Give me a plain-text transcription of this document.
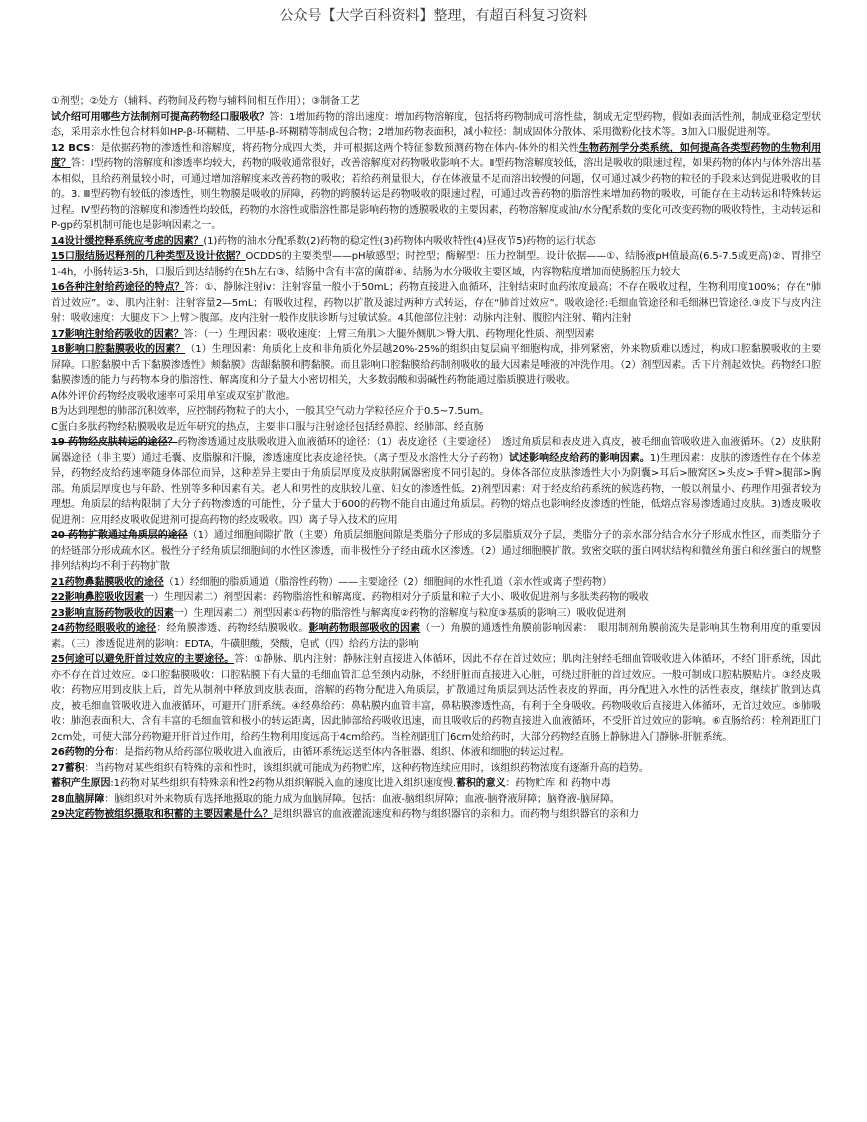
公众号【大学百科资料】整理，有超百科复习资料

①剂型；②处方（辅料、药物间及药物与辅料间相互作用）；③制备工艺

试介绍可用哪些方法制剂可提高药物经口服吸收？答：1增加药物的溶出速度：增加药物溶解度，包括将药物制成可溶性盐，制成无定型药物，假如表面活性剂，制成亚稳定型状态，采用亲水性包合材料如HP-β-环糊精、二甲基-β-环糊精等制成包合物；2增加药物表面积，减小粒径：制成固体分散体、采用微粉化技术等。3加入口服促进剂等。

12 BCS：是依据药物的渗透性和溶解度，将药物分成四大类，并可根据这两个特征参数预测药物在体内-体外的相关性生物药剂学分类系统，如何提高各类型药物的生物利用度？答：Ⅰ型药物的溶解度和渗透率均较大，药物的吸收通常很好，改善溶解度对药物吸收影响不大。Ⅱ型药物溶解度较低，溶出是吸收的限速过程，如果药物的体内与体外溶出基本相似，且给药剂量较小时，可通过增加溶解度来改善药物的吸收；若给药剂量很大，存在体液量不足而溶出较慢的问题，仅可通过减少药物的粒径的手段来达到促进吸收的目的。3. Ⅲ型药物有较低的渗透性，则生物膜是吸收的屏障，药物的跨膜转运是药物吸收的限速过程，可通过改善药物的脂溶性来增加药物的吸收，可能存在主动转运和特殊转运过程。Ⅳ型药物的溶解度和渗透性均较低，药物的水溶性或脂溶性都是影响药物的透膜吸收的主要因素，药物溶解度或油/水分配系数的变化可改变药物的吸收特性，主动转运和P-gp药泵机制可能也是影响因素之一。

14设计缓控释系统应考虑的因素？(1)药物的油水分配系数(2)药物的稳定性(3)药物体内吸收特性(4)昼夜节5)药物的运行状态

15口服结肠迟释剂的几种类型及设计依据？OCDDS的主要类型——pH敏感型；时控型；酶解型：压力控制型。设计依据——①、结肠液pH值最高(6.5-7.5或更高)②、胃排空1-4h，小肠转运3-5h，口服后到达结肠约在5h左右③、结肠中含有丰富的菌群④、结肠为水分吸收主要区域，内容物粘度增加而使肠腔压力较大

16各种注射给药途径的特点？答：①、静脉注射iv：注射容量一般小于50mL；药物直接进入血循环，注射结束时血药浓度最高；不存在吸收过程，生物利用度100%；存在“肺首过效应”。②、肌内注射：注射容量2—5mL；有吸收过程，药物以扩散及滤过两种方式转运，存在“肺首过效应”。吸收途径:毛细血管途径和毛细淋巴管途径.③皮下与皮内注射：吸收速度：大腿皮下＞上臂＞腹部。皮内注射一般作皮肤诊断与过敏试验。4其他部位注射：动脉内注射、腹腔内注射、鞘内注射

17影响注射给药吸收的因素？答：（一）生理因素：吸收速度：上臂三角肌＞大腿外侧肌＞臀大肌、药物理化性质、剂型因素

18影响口腔黏膜吸收的因素？（1）生理因素：角质化上皮和非角质化外层越20%-25%的组织由复层扁平细胞构成，排列紧密，外来物质难以透过，构成口腔黏膜吸收的主要屏障。口腔黏膜中舌下黏膜渗透性》颊黏膜》齿龈黏膜和腭黏膜。而且影响口腔黏膜给药制剂吸收的最大因素是唾液的冲洗作用。（2）剂型因素。舌下片剂起效快。药物经口腔黏膜渗透的能力与药物本身的脂溶性、解离度和分子量大小密切相关，大多数弱酸和弱碱性药物能通过脂质膜进行吸收。

A体外评价药物经皮吸收速率可采用单室或双室扩散池。

B为达到理想的肺部沉积效率，应控制药物粒子的大小，一般其空气动力学粒径应介于0.5~7.5um。

C蛋白多肽药物经粘膜吸收是近年研究的热点，主要非口服与注射途径包括经鼻腔、经肺部、经直肠

19 药物经皮肤转运的途径？药物渗透通过皮肤吸收进入血液循环的途径：（1）表皮途径（主要途径）　透过角质层和表皮进入真皮，被毛细血管吸收进入血液循环。（2）皮肤附属器途径（非主要）通过毛囊、皮脂腺和汗腺，渗透速度比表皮途径快。（离子型及水溶性大分子药物）试述影响经皮给药的影响因素。1)生理因素：皮肤的渗透性存在个体差异，药物经皮给药速率随身体部位而异，这种差异主要由于角质层厚度及皮肤附属器密度不同引起的。身体各部位皮肤渗透性大小为阴囊>耳后>腋窝区>头皮>手臂>腿部>胸部。角质层厚度也与年龄、性别等多种因素有关。老人和男性的皮肤较儿童、妇女的渗透性低。2)剂型因素：对于经皮给药系统的候选药物，一般以剂量小、药理作用强者较为理想。角质层的结构限制了大分子药物渗透的可能性，分子量大于600的药物不能自由通过角质层。药物的熔点也影响经皮渗透的性能，低熔点容易渗透通过皮肤。3)透皮吸收促进剂：应用经皮吸收促进剂可提高药物的经皮吸收。四）离子导入技术的应用

20 药物扩散通过角质层的途径（1）通过细胞间隙扩散（主要）角质层细胞间隙是类脂分子形成的多层脂质双分子层，类脂分子的亲水部分结合水分子形成水性区，而类脂分子的烃链部分形成疏水区。极性分子经角质层细胞间的水性区渗透，而非极性分子经由疏水区渗透。（2）通过细胞膜扩散。致密交联的蛋白网状结构和微丝角蛋白和丝蛋白的规整排列结构均不利于药物扩散

21药物鼻黏膜吸收的途径（1）经细胞的脂质通道（脂溶性药物）——主要途径（2）细胞间的水性孔道（亲水性或离子型药物）

22影响鼻腔吸收因素一）生理因素二）剂型因素：药物脂溶性和解离度、药物相对分子质量和粒子大小、吸收促进剂与多肽类药物的吸收

23影响直肠药物吸收的因素一）生理因素二）剂型因素①药物的脂溶性与解离度②药物的溶解度与粒度③基质的影响三）吸收促进剂

24药物经眼吸收的途径：经角膜渗透、药物经结膜吸收。影响药物眼部吸收的因素（一）角膜的通透性角膜前影响因素：　眼用制剂角膜前流失是影响其生物利用度的重要因素。（三）渗透促进剂的影响：EDTA，牛磺胆酸，癸酸，皂甙（四）给药方法的影响

25何途可以避免肝首过效应的主要途径。答：①静脉、肌内注射：静脉注射直接进入体循环，因此不存在首过效应；肌肉注射经毛细血管吸收进入体循环，不经门肝系统，因此亦不存在首过效应。②口腔黏膜吸收：口腔粘膜下有大量的毛细血管汇总至颈内动脉，不经肝脏而直接进入心脏，可绕过肝脏的首过效应。一般可制成口腔粘膜贴片。③经皮吸收：药物应用到皮肤上后，首先从制剂中释放到皮肤表面，溶解的药物分配进入角质层，扩散通过角质层到达活性表皮的界面，再分配进入水性的活性表皮，继续扩散到达真皮，被毛细血管吸收进入血液循环，可避开门肝系统。④经鼻给药：鼻粘膜内血管丰富，鼻粘膜渗透性高，有利于全身吸收。药物吸收后直接进入体循环，无首过效应。⑤肺吸收：肺泡表面积大、含有丰富的毛细血管和极小的转运距离，因此肺部给药吸收迅速，而且吸收后的药物直接进入血液循环，不受肝首过效应的影响。⑥直肠给药：栓剂距肛门2cm处，可使大部分药物避开肝首过作用，给药生物利用度远高于4cm给药。当栓剂距肛门6cm处给药时，大部分药物经直肠上静脉进入门静脉-肝脏系统。

26药物的分布：是指药物从给药部位吸收进入血液后，由循环系统运送至体内各脏器、组织、体液和细胞的转运过程。

27蓄积：当药物对某些组织有特殊的亲和性时，该组织就可能成为药物贮库，这种药物连续应用时，该组织药物浓度有逐渐升高的趋势。

蓄积产生原因:1药物对某些组织有特殊亲和性2药物从组织解脱入血的速度比进入组织速度慢.蓄积的意义：药物贮库 和 药物中毒

28血脑屏障：脑组织对外来物质有选择地摄取的能力成为血脑屏障。包括：血液-脑组织屏障；血液-脑脊液屏障；脑脊液-脑屏障。

29决定药物被组织摄取和积蓄的主要因素是什么？是组织器官的血液灌流速度和药物与组织器官的亲和力。而药物与组织器官的亲和力
